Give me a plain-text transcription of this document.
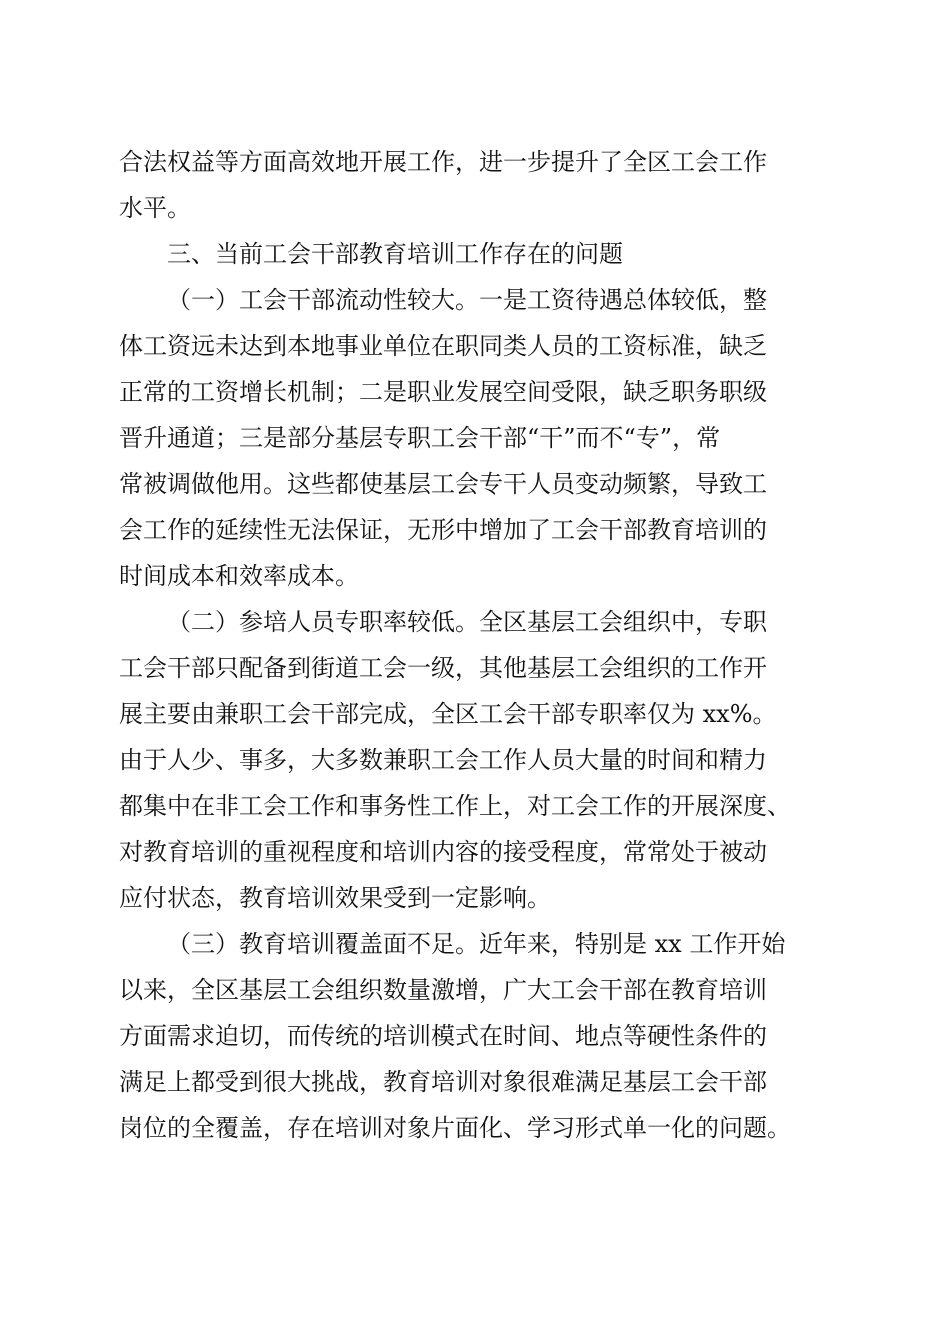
合法权益等方面高效地开展工作，进一步提升了全区工会工作

水平。

三、当前工会干部教育培训工作存在的问题

（一）工会干部流动性较大。一是工资待遇总体较低，整

体工资远未达到本地事业单位在职同类人员的工资标准，缺乏

正常的工资增长机制；二是职业发展空间受限，缺乏职务职级

晋升通道；三是部分基层专职工会干部“干”而不“专”，常

常被调做他用。这些都使基层工会专干人员变动频繁，导致工

会工作的延续性无法保证，无形中增加了工会干部教育培训的

时间成本和效率成本。

（二）参培人员专职率较低。全区基层工会组织中，专职

工会干部只配备到街道工会一级，其他基层工会组织的工作开

展主要由兼职工会干部完成，全区工会干部专职率仅为 xx%。

由于人少、事多，大多数兼职工会工作人员大量的时间和精力

都集中在非工会工作和事务性工作上，对工会工作的开展深度、

对教育培训的重视程度和培训内容的接受程度，常常处于被动

应付状态，教育培训效果受到一定影响。

（三）教育培训覆盖面不足。近年来，特别是 xx 工作开始

以来，全区基层工会组织数量激增，广大工会干部在教育培训

方面需求迫切，而传统的培训模式在时间、地点等硬性条件的

满足上都受到很大挑战，教育培训对象很难满足基层工会干部

岗位的全覆盖，存在培训对象片面化、学习形式单一化的问题。
